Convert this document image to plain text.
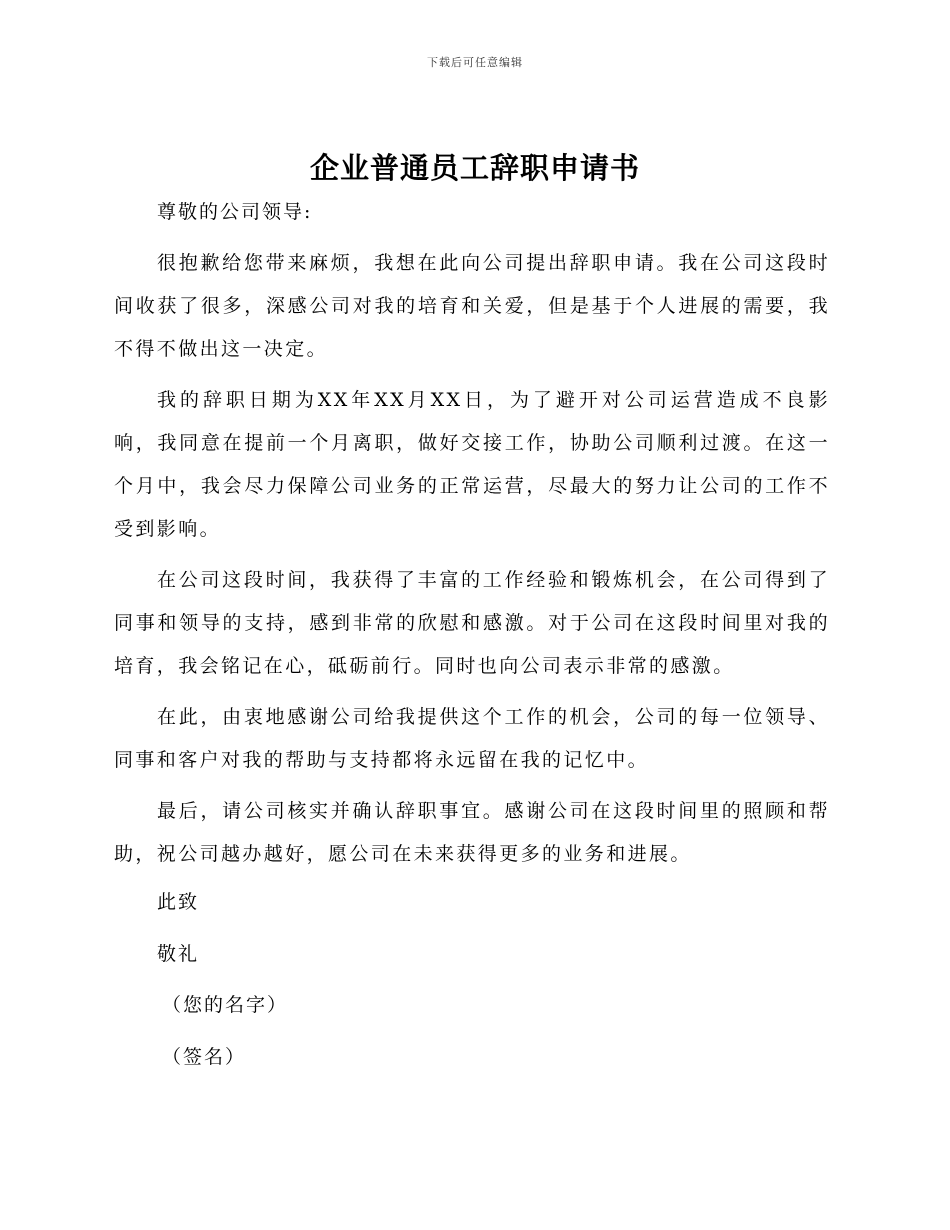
下载后可任意编辑
企业普通员工辞职申请书

尊敬的公司领导:

很抱歉给您带来麻烦，我想在此向公司提出辞职申请。我在公司这段时间收获了很多，深感公司对我的培育和关爱，但是基于个人进展的需要，我不得不做出这一决定。

我的辞职日期为XX年XX月XX日，为了避开对公司运营造成不良影响，我同意在提前一个月离职，做好交接工作，协助公司顺利过渡。在这一个月中，我会尽力保障公司业务的正常运营，尽最大的努力让公司的工作不受到影响。

在公司这段时间，我获得了丰富的工作经验和锻炼机会，在公司得到了同事和领导的支持，感到非常的欣慰和感激。对于公司在这段时间里对我的培育，我会铭记在心，砥砺前行。同时也向公司表示非常的感激。

在此，由衷地感谢公司给我提供这个工作的机会，公司的每一位领导、同事和客户对我的帮助与支持都将永远留在我的记忆中。

最后，请公司核实并确认辞职事宜。感谢公司在这段时间里的照顾和帮助，祝公司越办越好，愿公司在未来获得更多的业务和进展。

此致

敬礼

（您的名字）

（签名）
